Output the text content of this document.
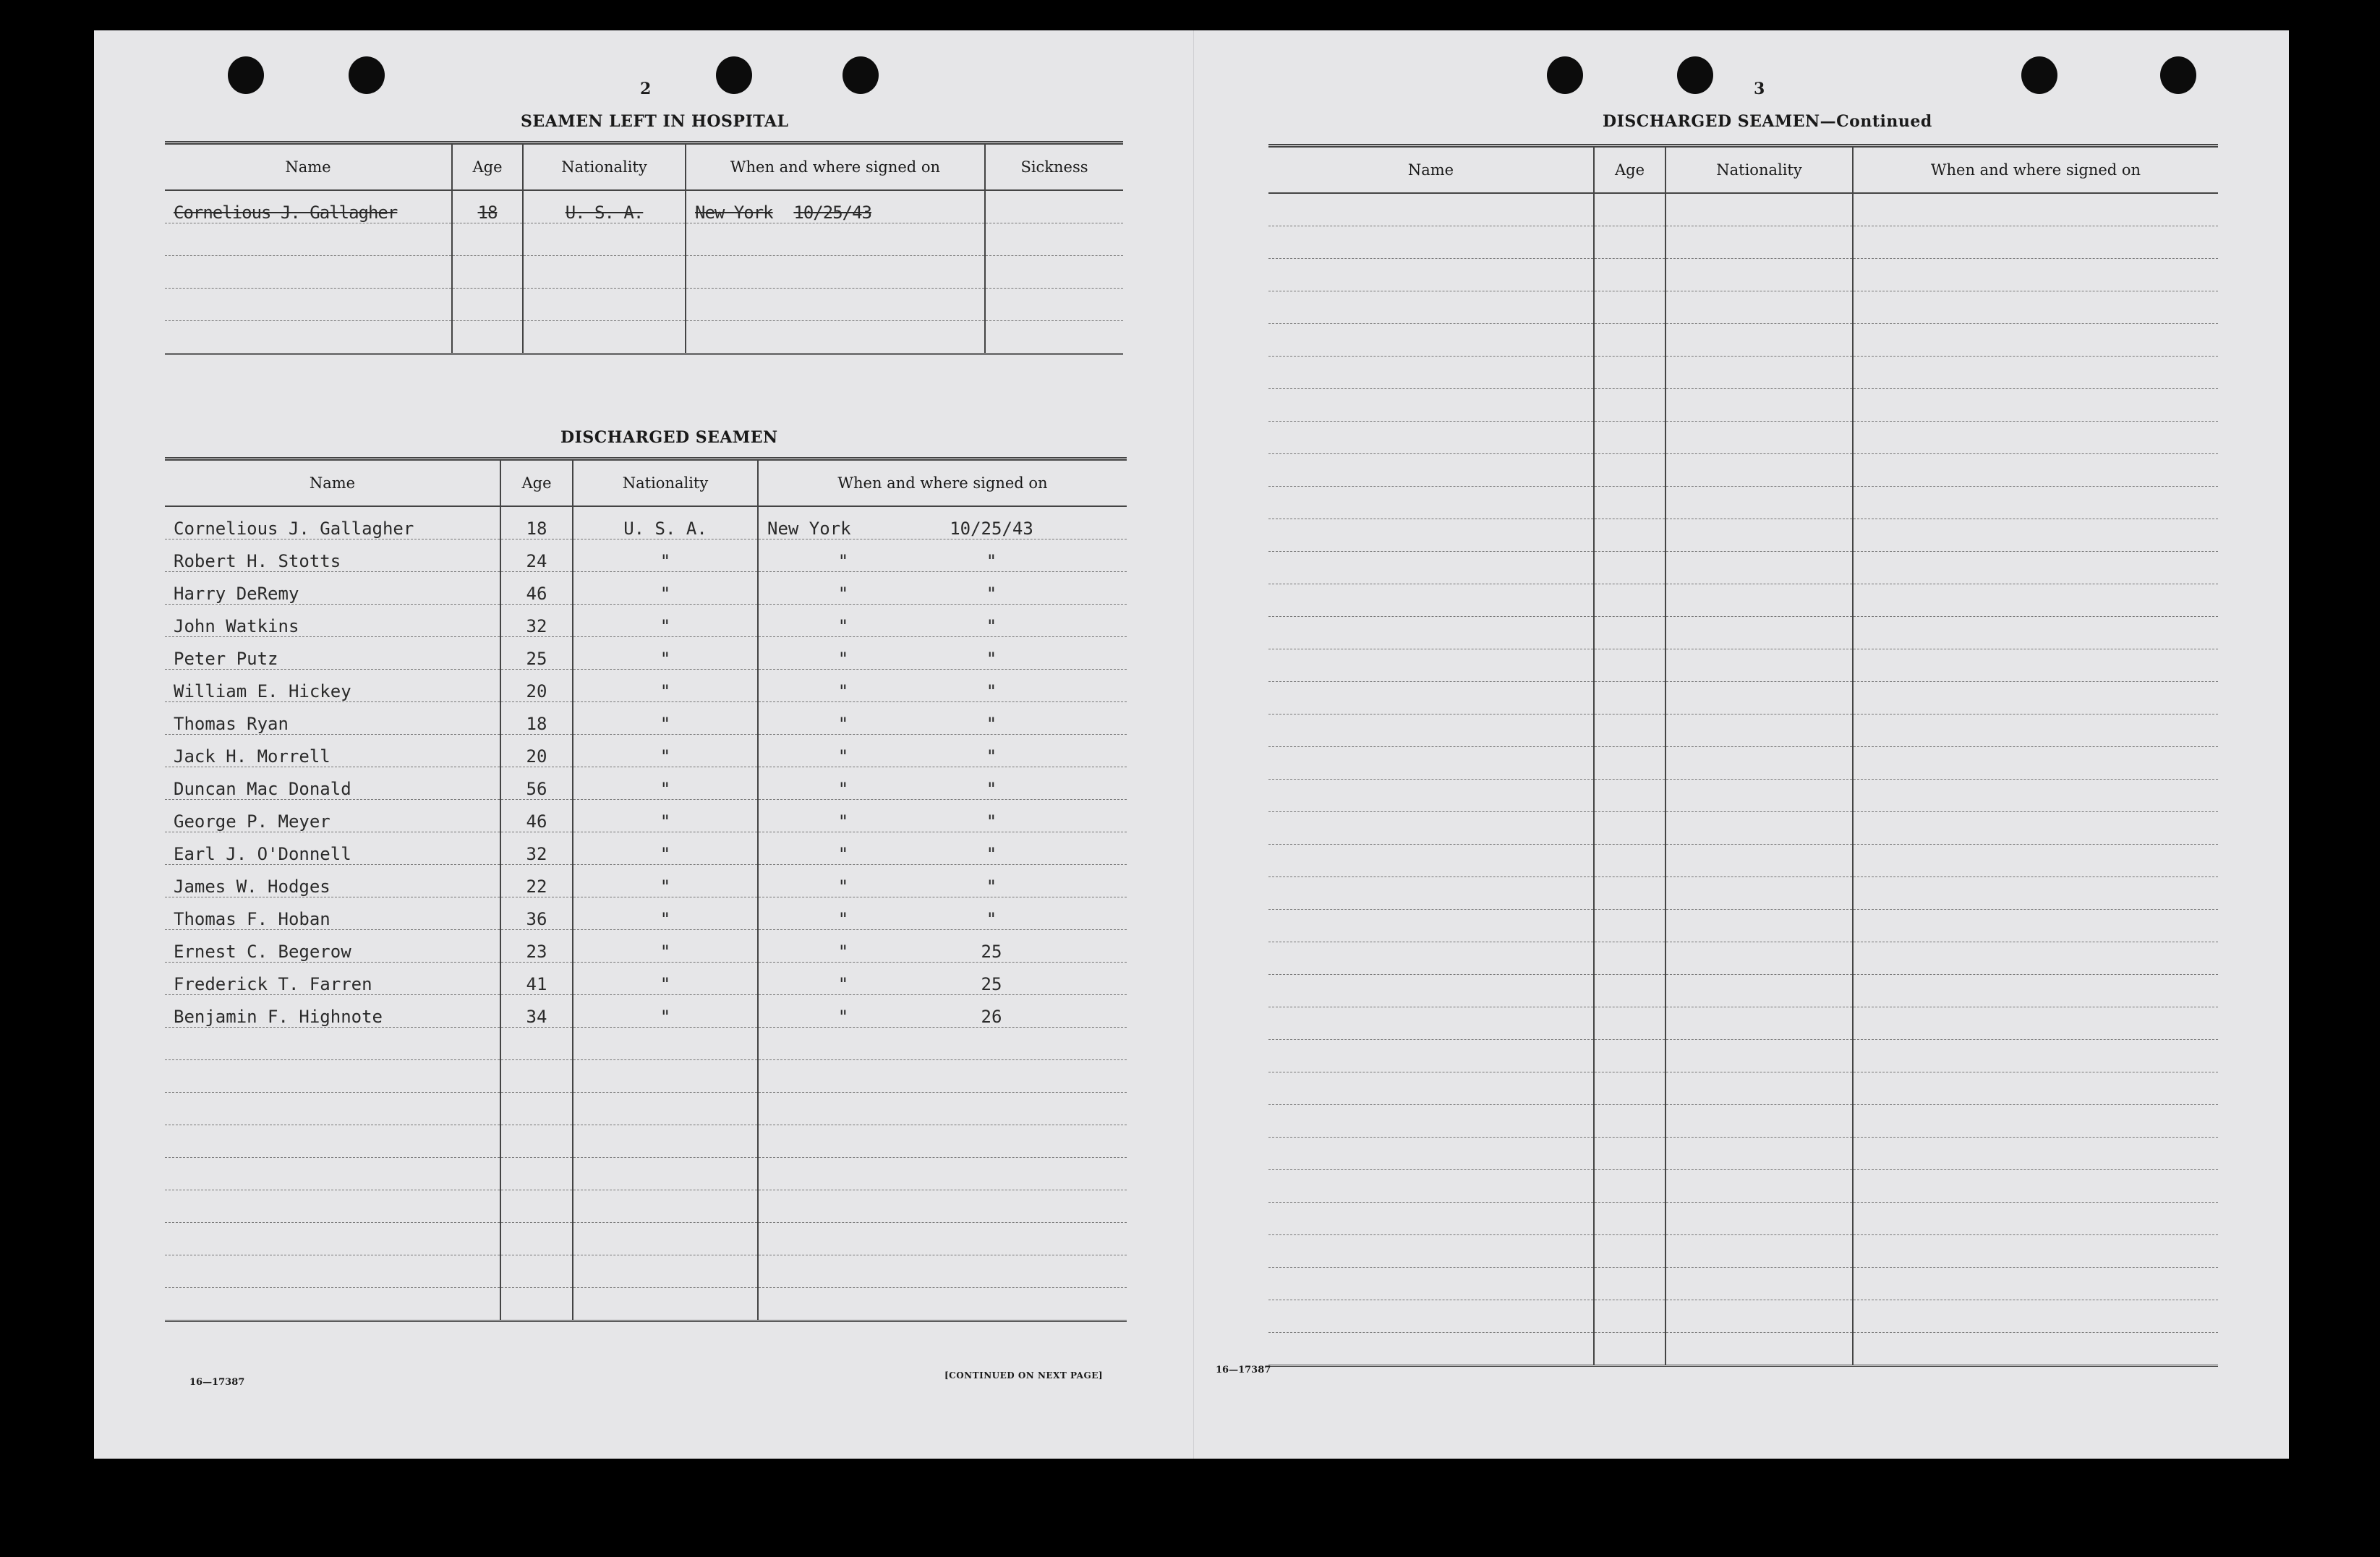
2
SEAMEN LEFT IN HOSPITAL
Name	Age	Nationality	When and where signed on	Sickness
Cornelious J. Gallagher	18	U. S. A.	New York 10/25/43	

DISCHARGED SEAMEN
Name	Age	Nationality	When and where signed on
Cornelious J. Gallagher	18	U. S. A.	New York 10/25/43
Robert H. Stotts	24	"	" "
Harry DeRemy	46	"	" "
John Watkins	32	"	" "
Peter Putz	25	"	" "
William E. Hickey	20	"	" "
Thomas Ryan	18	"	" "
Jack H. Morrell	20	"	" "
Duncan Mac Donald	56	"	" "
George P. Meyer	46	"	" "
Earl J. O'Donnell	32	"	" "
James W. Hodges	22	"	" "
Thomas F. Hoban	36	"	" "
Ernest C. Begerow	23	"	" 25
Frederick T. Farren	41	"	" 25
Benjamin F. Highnote	34	"	" 26

16—17387
[CONTINUED ON NEXT PAGE]
3
DISCHARGED SEAMEN—Continued
Name	Age	Nationality	When and where signed on

16—17387
